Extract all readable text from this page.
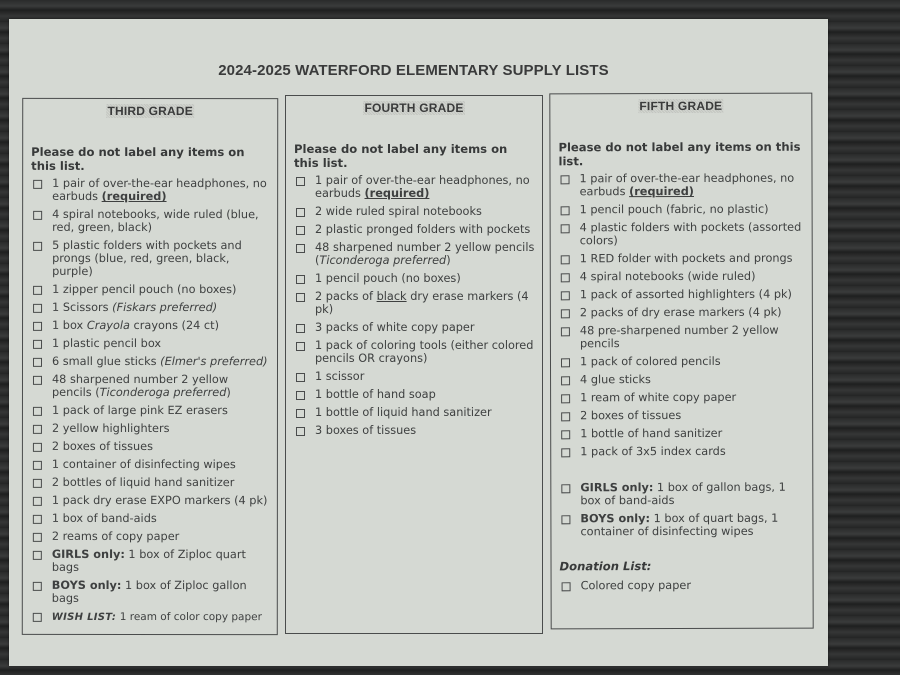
2024-2025 WATERFORD ELEMENTARY SUPPLY LISTS
THIRD GRADE
Please do not label any items on this list.
1 pair of over-the-ear headphones, no earbuds (required)
4 spiral notebooks, wide ruled (blue, red, green, black)
5 plastic folders with pockets and prongs (blue, red, green, black, purple)
1 zipper pencil pouch (no boxes)
1 Scissors (Fiskars preferred)
1 box Crayola crayons (24 ct)
1 plastic pencil box
6 small glue sticks (Elmer's preferred)
48 sharpened number 2 yellow pencils (Ticonderoga preferred)
1 pack of large pink EZ erasers
2 yellow highlighters
2 boxes of tissues
1 container of disinfecting wipes
2 bottles of liquid hand sanitizer
1 pack dry erase EXPO markers (4 pk)
1 box of band-aids
2 reams of copy paper
GIRLS only: 1 box of Ziploc quart bags
BOYS only: 1 box of Ziploc gallon bags
WISH LIST: 1 ream of color copy paper
FOURTH GRADE
Please do not label any items on this list.
1 pair of over-the-ear headphones, no earbuds (required)
2 wide ruled spiral notebooks
2 plastic pronged folders with pockets
48 sharpened number 2 yellow pencils (Ticonderoga preferred)
1 pencil pouch (no boxes)
2 packs of black dry erase markers (4 pk)
3 packs of white copy paper
1 pack of coloring tools (either colored pencils OR crayons)
1 scissor
1 bottle of hand soap
1 bottle of liquid hand sanitizer
3 boxes of tissues
FIFTH GRADE
Please do not label any items on this list.
1 pair of over-the-ear headphones, no earbuds (required)
1 pencil pouch (fabric, no plastic)
4 plastic folders with pockets (assorted colors)
1 RED folder with pockets and prongs
4 spiral notebooks (wide ruled)
1 pack of assorted highlighters (4 pk)
2 packs of dry erase markers (4 pk)
48 pre-sharpened number 2 yellow pencils
1 pack of colored pencils
4 glue sticks
1 ream of white copy paper
2 boxes of tissues
1 bottle of hand sanitizer
1 pack of 3x5 index cards
GIRLS only: 1 box of gallon bags, 1 box of band-aids
BOYS only: 1 box of quart bags, 1 container of disinfecting wipes
Donation List:
Colored copy paper
